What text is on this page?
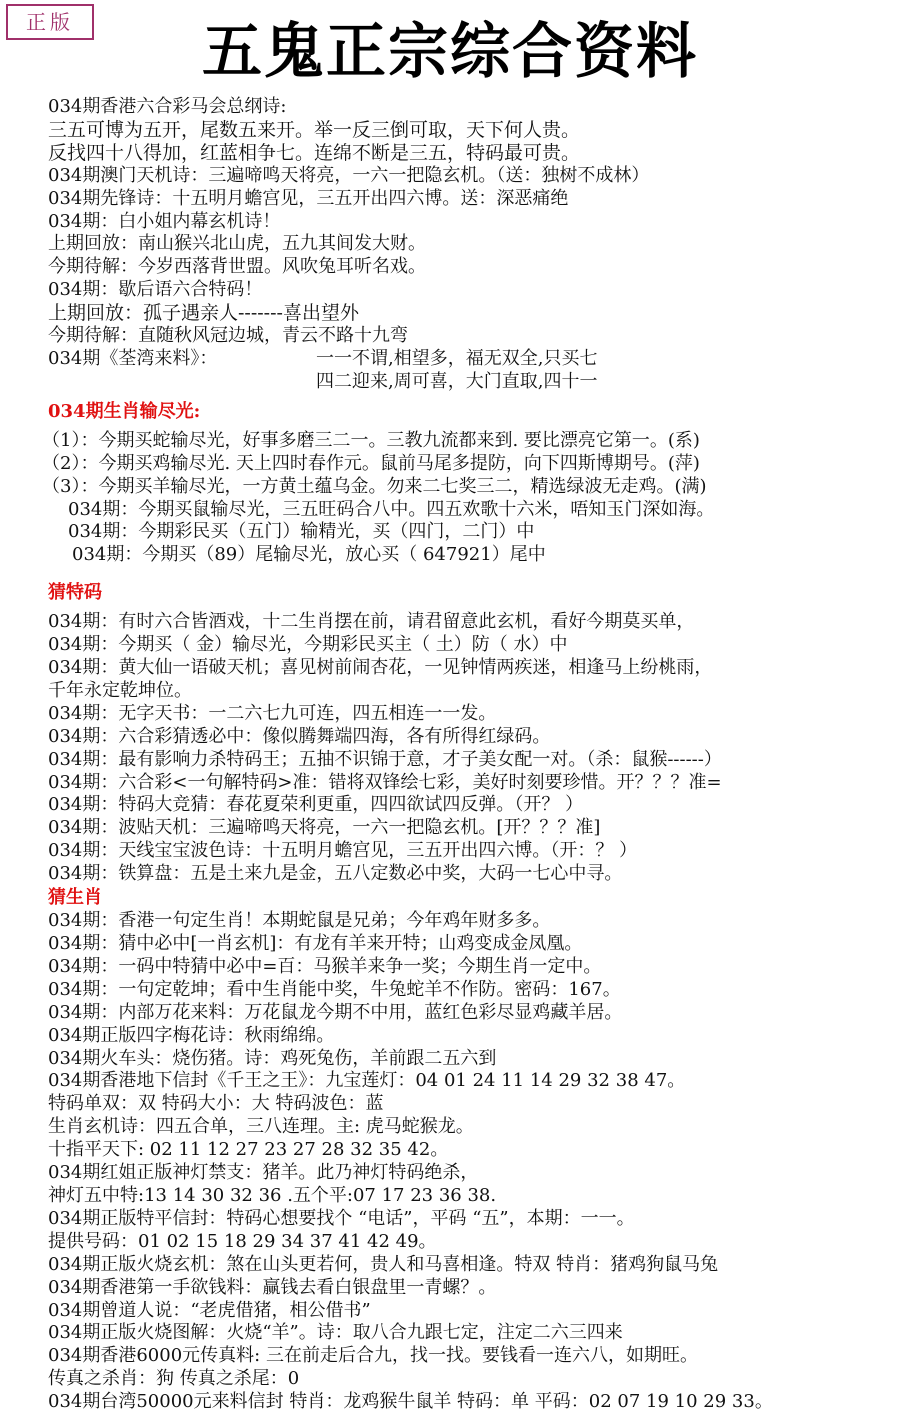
正版	五鬼正宗综合资料
034期香港六合彩马会总纲诗:
三五可博为五开，尾数五来开。举一反三倒可取，天下何人贵。
反找四十八得加，红蓝相争七。连绵不断是三五，特码最可贵。
034期澳门天机诗：三遍啼鸣天将亮，一六一把隐玄机。（送：独树不成林）
034期先锋诗：十五明月蟾宫见，三五开出四六博。送：深恶痛绝
034期：白小姐内幕玄机诗！
上期回放：南山猴兴北山虎，五九其间发大财。
今期待解：今岁西落背世盟。风吹兔耳听名戏。
034期：歇后语六合特码！
上期回放：孤子遇亲人-------喜出望外
今期待解：直随秋风冠边城，青云不路十九弯
034期《荃湾来料》：	一一不谓,相望多，福无双全,只买七
四二迎来,周可喜，大门直取,四十一
034期生肖输尽光:
（1）：今期买蛇输尽光，好事多磨三二一。三教九流都来到. 要比漂亮它第一。(系)
（2）：今期买鸡输尽光. 天上四时春作元。鼠前马尾多提防，向下四斯博期号。(萍)
（3）：今期买羊输尽光，一方黄土蕴乌金。勿来二七奖三二，精选绿波无走鸡。(满)
034期：今期买鼠输尽光，三五旺码合八中。四五欢歌十六米，唔知玉门深如海。
034期：今期彩民买（五门）输精光，买（四门，二门）中
034期：今期买（89）尾输尽光，放心买（ 647921）尾中
猜特码
034期：有时六合皆酒戏，十二生肖摆在前，请君留意此玄机，看好今期莫买单，
034期：今期买（ 金）输尽光，今期彩民买主（ 土）防（ 水）中
034期：黄大仙一语破天机；喜见树前闹杏花，一见钟情两疾迷，相逢马上纷桃雨，
千年永定乾坤位。
034期：无字天书：一二六七九可连，四五相连一一发。
034期：六合彩猜透必中：像似腾舞端四海，各有所得红绿码。
034期：最有影响力杀特码王；五抽不识锦于意，才子美女配一对。（杀：鼠猴------）
034期：六合彩<一句解特码>准：错将双锋绘七彩，美好时刻要珍惜。开？？？准=
034期：特码大竞猜：春花夏荣利更重，四四欲试四反弹。（开？ ）
034期：波贴天机：三遍啼鸣天将亮，一六一把隐玄机。[开？？？准]
034期：天线宝宝波色诗：十五明月蟾宫见，三五开出四六博。（开：？ ）
034期：铁算盘：五是土来九是金，五八定数必中奖，大码一七心中寻。
猜生肖
034期：香港一句定生肖！本期蛇鼠是兄弟；今年鸡年财多多。
034期：猜中必中[一肖玄机]：有龙有羊来开特；山鸡变成金凤凰。
034期：一码中特猜中必中=百：马猴羊来争一奖；今期生肖一定中。
034期：一句定乾坤；看中生肖能中奖，牛兔蛇羊不作防。密码：167。
034期：内部万花来料：万花鼠龙今期不中用，蓝红色彩尽显鸡藏羊居。
034期正版四字梅花诗：秋雨绵绵。
034期火车头：烧伤猪。诗：鸡死兔伤，羊前跟二五六到
034期香港地下信封《千王之王》：九宝莲灯：04 01 24 11 14 29 32 38 47。
特码单双：双 特码大小：大 特码波色：蓝
生肖玄机诗：四五合单，三八连理。主: 虎马蛇猴龙。
十指平天下: 02 11 12 27 23 27 28 32 35 42。
034期红姐正版神灯禁支：猪羊。此乃神灯特码绝杀，
神灯五中特:13 14 30 32 36 .五个平:07 17 23 36 38.
034期正版特平信封：特码心想要找个 “电话”，平码 “五”，本期：一一。
提供号码：01 02 15 18 29 34 37 41 42 49。
034期正版火烧玄机：煞在山头更若何，贵人和马喜相逢。特双 特肖：猪鸡狗鼠马兔
034期香港第一手欲钱料：赢钱去看白银盘里一青螺？。
034期曾道人说：“老虎借猪，相公借书”
034期正版火烧图解：火烧“羊”。诗：取八合九跟七定，注定二六三四来
034期香港6000元传真料: 三在前走后合九，找一找。要钱看一连六八，如期旺。
传真之杀肖：狗 传真之杀尾：0
034期台湾50000元来料信封 特肖：龙鸡猴牛鼠羊 特码：单 平码：02 07 19 10 29 33。
